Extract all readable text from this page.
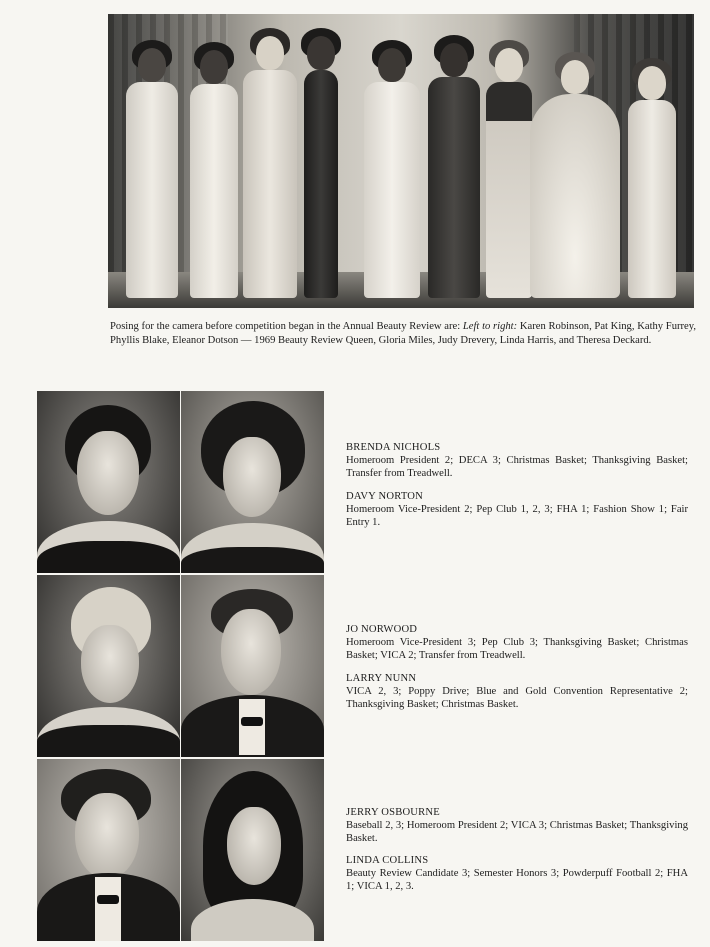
Posing for the camera before competition began in the Annual Beauty Review are: Left to right: Karen Robinson, Pat King, Kathy Furrey, Phyllis Blake, Eleanor Dotson — 1969 Beauty Review Queen, Gloria Miles, Judy Drevery, Linda Harris, and Theresa Deckard.
BRENDA NICHOLS
Homeroom President 2; DECA 3; Christmas Basket; Thanksgiving Basket; Transfer from Treadwell.
DAVY NORTON
Homeroom Vice-President 2; Pep Club 1, 2, 3; FHA 1; Fashion Show 1; Fair Entry 1.
JO NORWOOD
Homeroom Vice-President 3; Pep Club 3; Thanksgiving Basket; Christmas Basket; VICA 2; Transfer from Treadwell.
LARRY NUNN
VICA 2, 3; Poppy Drive; Blue and Gold Convention Representative 2; Thanksgiving Basket; Christmas Basket.
JERRY OSBOURNE
Baseball 2, 3; Homeroom President 2; VICA 3; Christmas Basket; Thanksgiving Basket.
LINDA COLLINS
Beauty Review Candidate 3; Semester Honors 3; Powderpuff Football 2; FHA 1; VICA 1, 2, 3.
